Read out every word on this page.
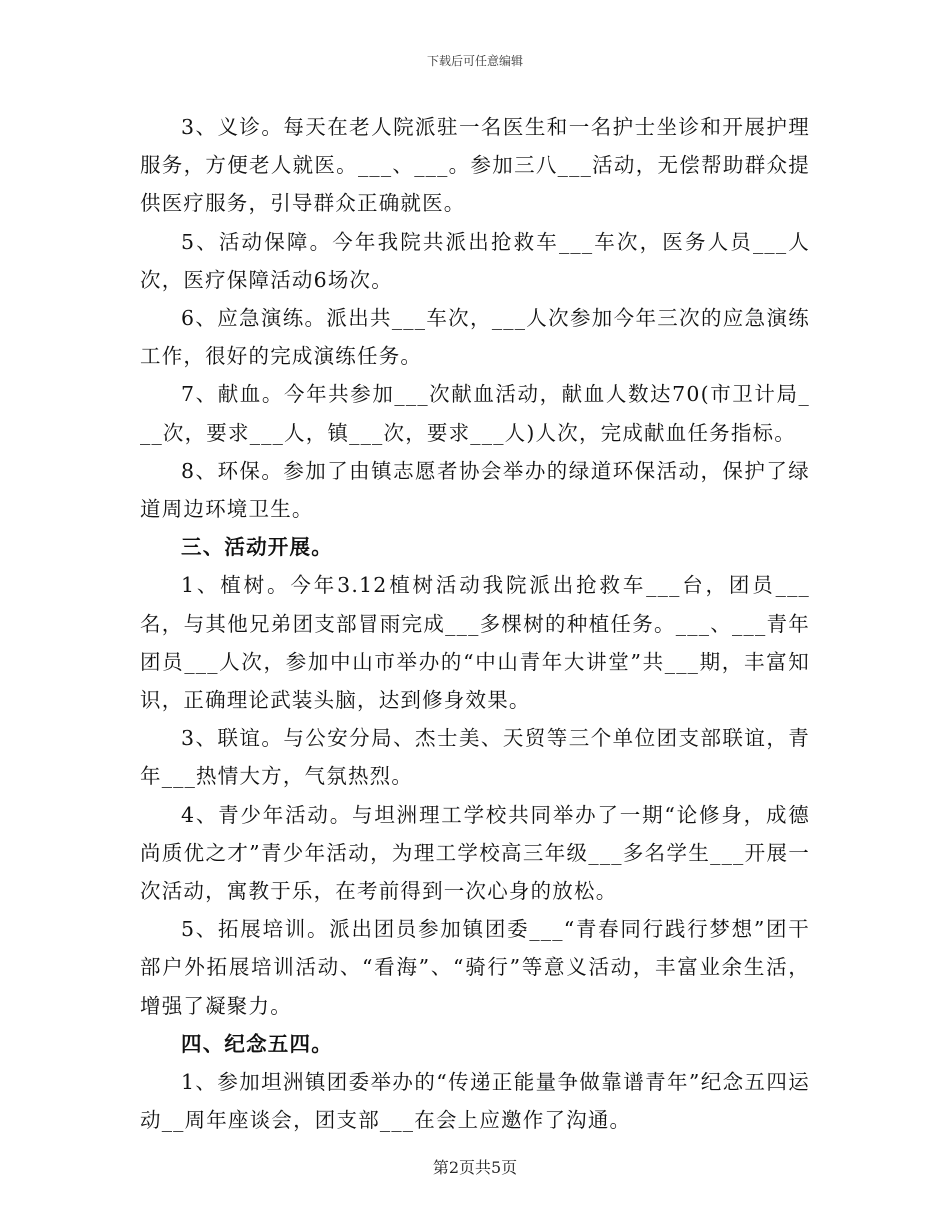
下载后可任意编辑

3、义诊。每天在老人院派驻一名医生和一名护士坐诊和开展护理服务，方便老人就医。___、___。参加三八___活动，无偿帮助群众提供医疗服务，引导群众正确就医。

5、活动保障。今年我院共派出抢救车___车次，医务人员___人次，医疗保障活动6场次。

6、应急演练。派出共___车次，___人次参加今年三次的应急演练工作，很好的完成演练任务。

7、献血。今年共参加___次献血活动，献血人数达70(市卫计局___次，要求___人，镇___次，要求___人)人次，完成献血任务指标。

8、环保。参加了由镇志愿者协会举办的绿道环保活动，保护了绿道周边环境卫生。

三、活动开展。

1、植树。今年3.12植树活动我院派出抢救车___台，团员___名，与其他兄弟团支部冒雨完成___多棵树的种植任务。___、___青年团员___人次，参加中山市举办的“中山青年大讲堂”共___期，丰富知识，正确理论武装头脑，达到修身效果。

3、联谊。与公安分局、杰士美、天贸等三个单位团支部联谊，青年___热情大方，气氛热烈。

4、青少年活动。与坦洲理工学校共同举办了一期“论修身，成德尚质优之才”青少年活动，为理工学校高三年级___多名学生___开展一次活动，寓教于乐，在考前得到一次心身的放松。

5、拓展培训。派出团员参加镇团委___“青春同行践行梦想”团干部户外拓展培训活动、“看海”、“骑行”等意义活动，丰富业余生活，增强了凝聚力。

四、纪念五四。

1、参加坦洲镇团委举办的“传递正能量争做靠谱青年”纪念五四运动__周年座谈会，团支部___在会上应邀作了沟通。

第2页共5页
